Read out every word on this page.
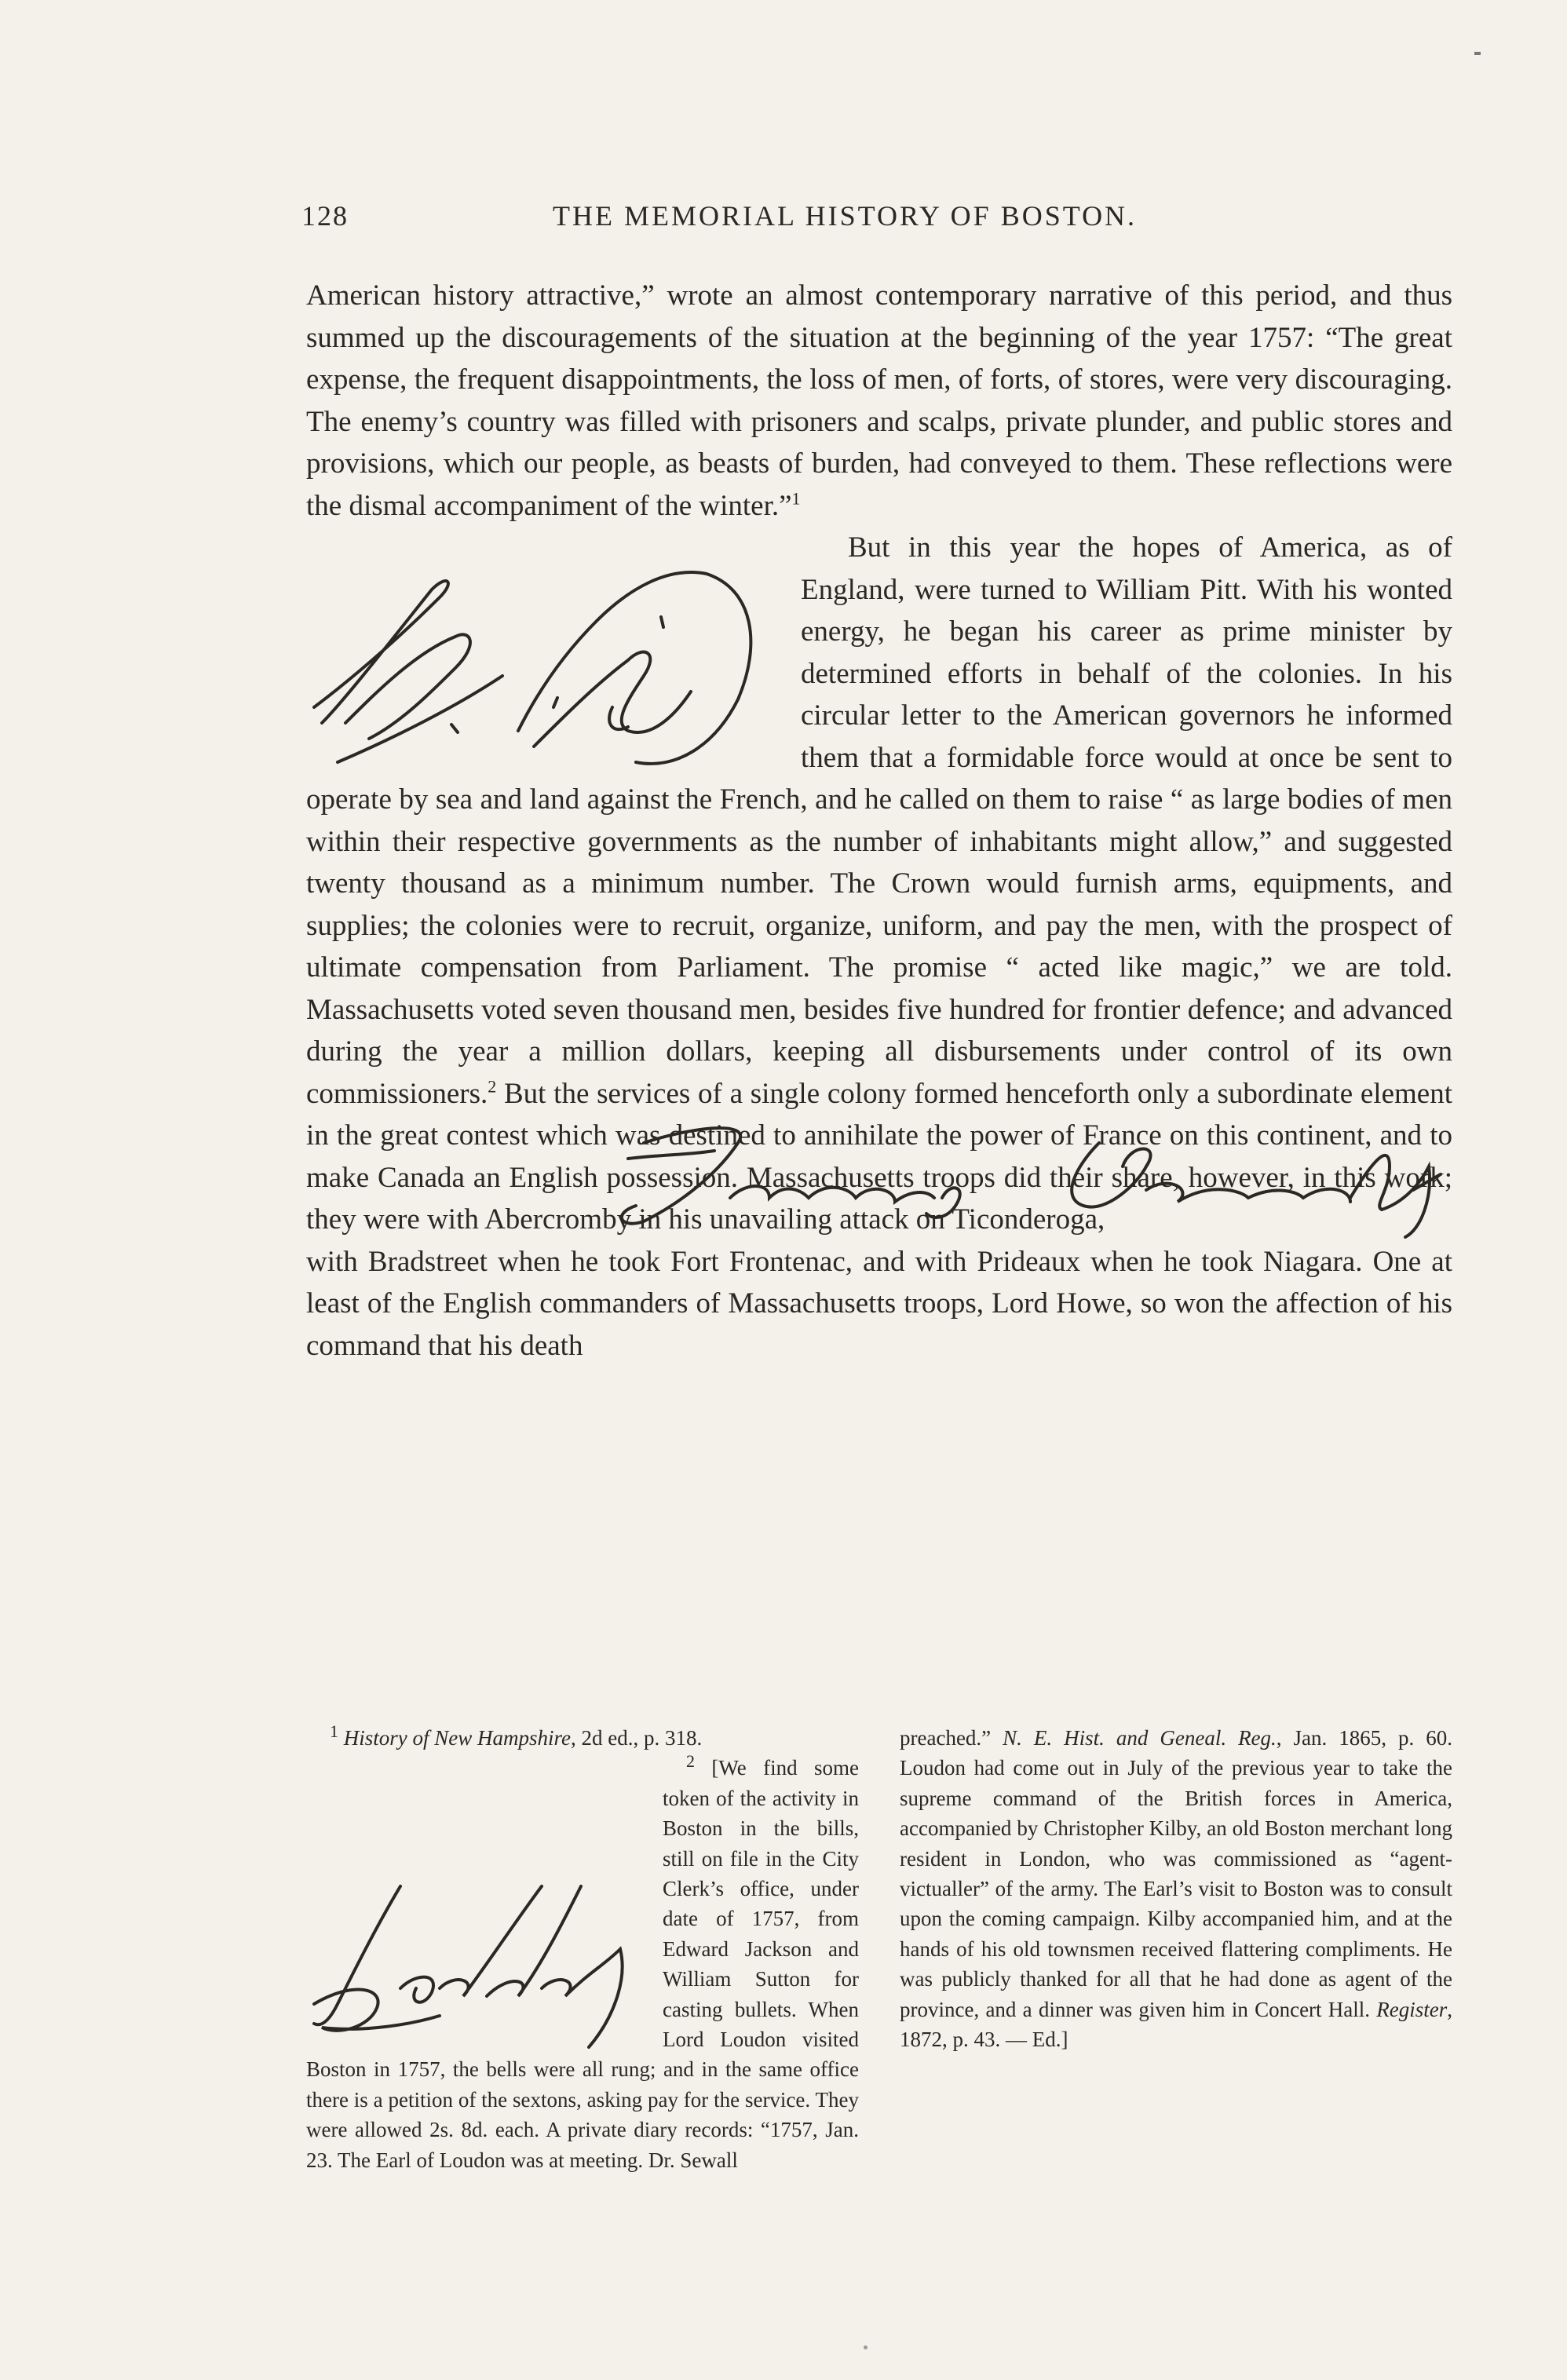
128	THE MEMORIAL HISTORY OF BOSTON.

American history attractive,” wrote an almost contemporary narrative of this period, and thus summed up the discouragements of the situation at the beginning of the year 1757: “The great expense, the frequent disappointments, the loss of men, of forts, of stores, were very discouraging. The enemy’s country was filled with prisoners and scalps, private plunder, and public stores and provisions, which our people, as beasts of burden, had conveyed to them. These reflections were the dismal accompaniment of the winter.”$^1$

But in this year the hopes of America, as of England, were turned to William Pitt. With his wonted energy, he began his career as prime minister by determined efforts in behalf of the colonies. In his circular letter to the American governors he informed them that a formidable force would at once be sent to operate by sea and land against the French, and he called on them to raise “ as large bodies of men within their respective governments as the number of inhabitants might allow,” and suggested twenty thousand as a minimum number. The Crown would furnish arms, equipments, and supplies; the colonies were to recruit, organize, uniform, and pay the men, with the prospect of ultimate compensation from Parliament. The promise “ acted like magic,” we are told. Massachusetts voted seven thousand men, besides five hundred for frontier defence; and advanced during the year a million dollars, keeping all disbursements under control of its own commissioners.$^2$ But the services of a single colony formed henceforth only a subordinate element in the great contest which was destined to annihilate the power of France on this continent, and to make Canada an English possession. Massachusetts troops did their share, however, in this work; they were with Abercromby in his unavailing attack on Ticonderoga,

with Bradstreet when he took Fort Frontenac, and with Prideaux when he took Niagara. One at least of the English commanders of Massachusetts troops, Lord Howe, so won the affection of his command that his death

$^1$ History of New Hampshire, 2d ed., p. 318.

$^2$ [We find some token of the activity in Boston in the bills, still on file in the City Clerk’s office, under date of 1757, from Edward Jackson and William Sutton for casting bullets. When Lord Loudon visited Boston in 1757, the bells were all rung; and in the same office there is a petition of the sextons, asking pay for the service. They were allowed 2s. 8d. each. A private diary records: “1757, Jan. 23. The Earl of Loudon was at meeting. Dr. Sewall

preached.” N. E. Hist. and Geneal. Reg., Jan. 1865, p. 60. Loudon had come out in July of the previous year to take the supreme command of the British forces in America, accompanied by Christopher Kilby, an old Boston merchant long resident in London, who was commissioned as “agent-victualler” of the army. The Earl’s visit to Boston was to consult upon the coming campaign. Kilby accompanied him, and at the hands of his old townsmen received flattering compliments. He was publicly thanked for all that he had done as agent of the province, and a dinner was given him in Concert Hall. Register, 1872, p. 43. — Ed.]
